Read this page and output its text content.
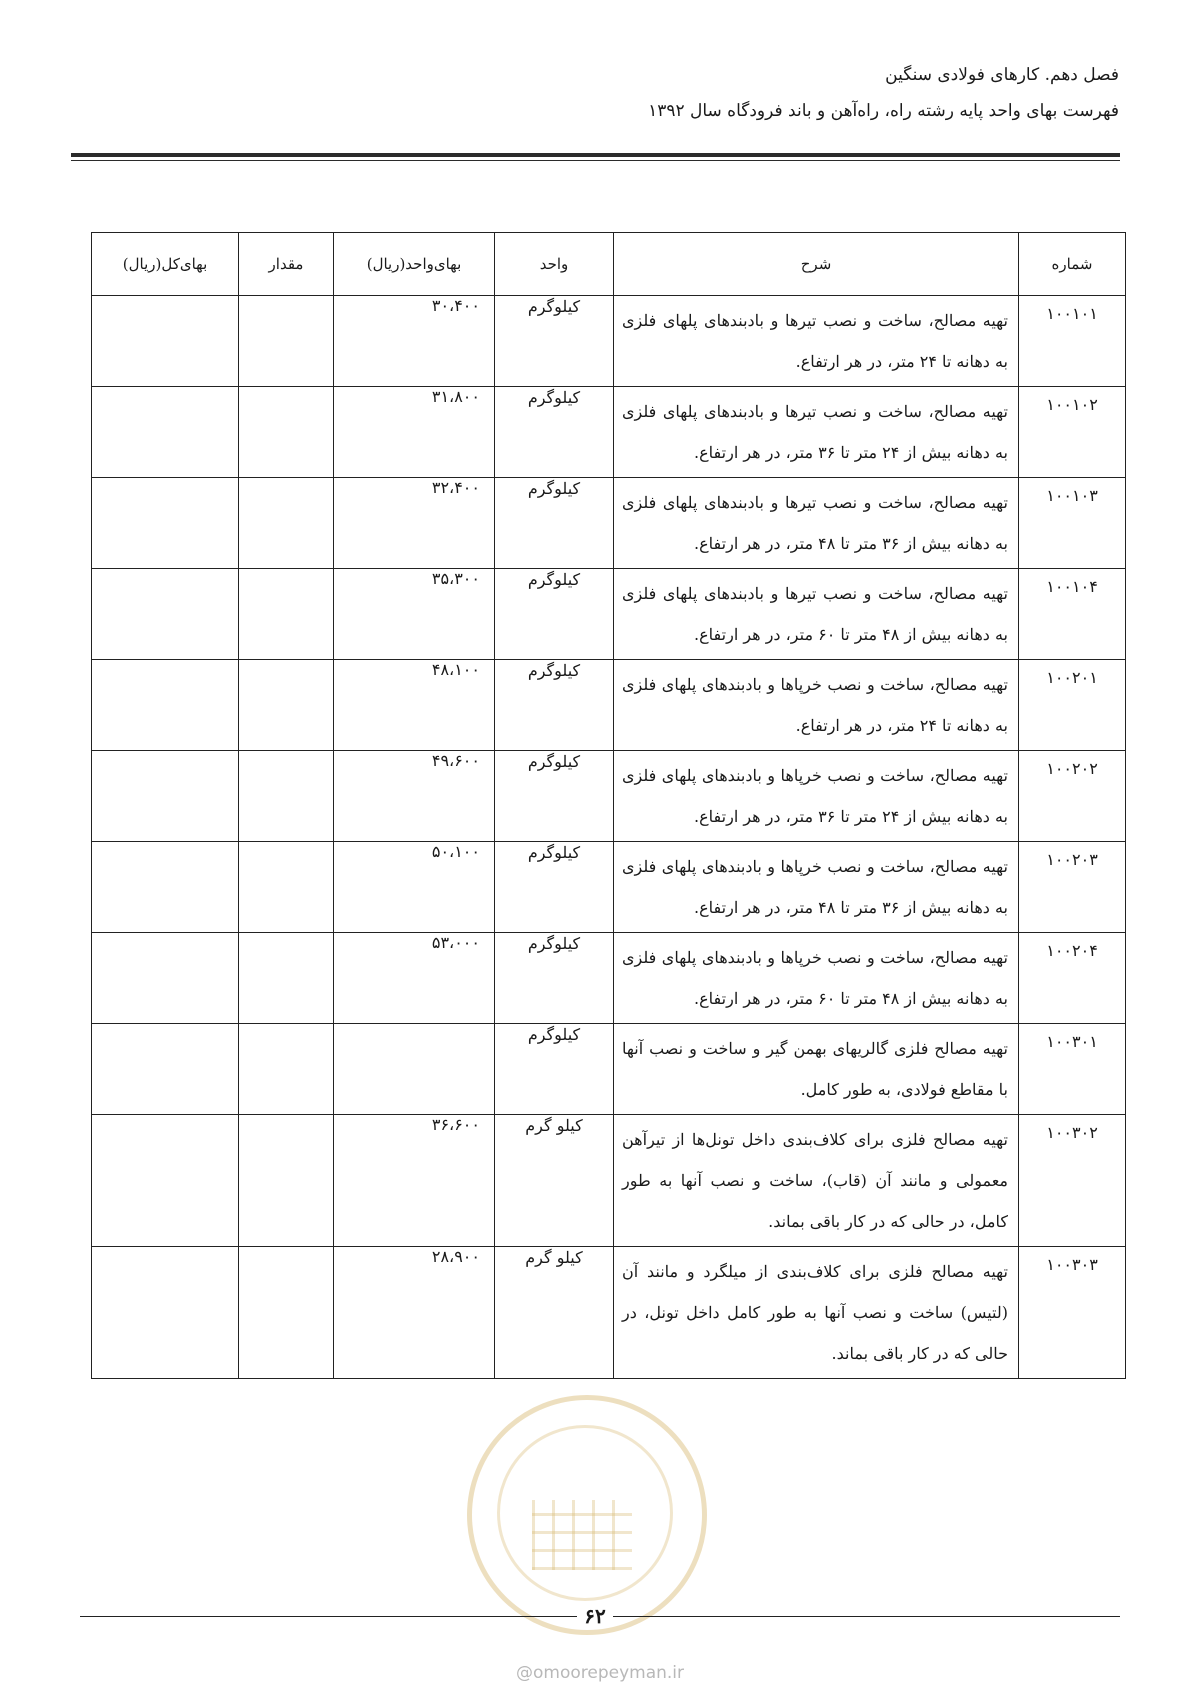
فصل دهم. کارهای فولادی سنگین
فهرست بهای واحد پایه رشته راه، راه‌آهن و باند فرودگاه سال ۱۳۹۲
شماره	شرح	واحد	بهای‌واحد(ریال)	مقدار	بهای‌کل(ریال)
۱۰۰۱۰۱	تهیه مصالح، ساخت و نصب تیرها و بادبندهای پلهای فلزی به دهانه تا ۲۴ متر، در هر ارتفاع.	کیلوگرم	۳۰،۴۰۰		
۱۰۰۱۰۲	تهیه مصالح، ساخت و نصب تیرها و بادبندهای پلهای فلزی به دهانه بیش از ۲۴ متر تا ۳۶ متر، در هر ارتفاع.	کیلوگرم	۳۱،۸۰۰		
۱۰۰۱۰۳	تهیه مصالح، ساخت و نصب تیرها و بادبندهای پلهای فلزی به دهانه بیش از ۳۶ متر تا ۴۸ متر، در هر ارتفاع.	کیلوگرم	۳۲،۴۰۰		
۱۰۰۱۰۴	تهیه مصالح، ساخت و نصب تیرها و بادبندهای پلهای فلزی به دهانه بیش از ۴۸ متر تا ۶۰ متر، در هر ارتفاع.	کیلوگرم	۳۵،۳۰۰		
۱۰۰۲۰۱	تهیه مصالح، ساخت و نصب خرپاها و بادبندهای پلهای فلزی به دهانه تا ۲۴ متر، در هر ارتفاع.	کیلوگرم	۴۸،۱۰۰		
۱۰۰۲۰۲	تهیه مصالح، ساخت و نصب خرپاها و بادبندهای پلهای فلزی به دهانه بیش از ۲۴ متر تا ۳۶ متر، در هر ارتفاع.	کیلوگرم	۴۹،۶۰۰		
۱۰۰۲۰۳	تهیه مصالح، ساخت و نصب خرپاها و بادبندهای پلهای فلزی به دهانه بیش از ۳۶ متر تا ۴۸ متر، در هر ارتفاع.	کیلوگرم	۵۰،۱۰۰		
۱۰۰۲۰۴	تهیه مصالح، ساخت و نصب خرپاها و بادبندهای پلهای فلزی به دهانه بیش از ۴۸ متر تا ۶۰ متر، در هر ارتفاع.	کیلوگرم	۵۳،۰۰۰		
۱۰۰۳۰۱	تهیه مصالح فلزی گالریهای بهمن گیر و ساخت و نصب آنها با مقاطع فولادی، به طور کامل.	کیلوگرم			
۱۰۰۳۰۲	تهیه مصالح فلزی برای کلاف‌بندی داخل تونل‌ها از تیرآهن معمولی و مانند آن (قاب)، ساخت و نصب آنها به طور کامل، در حالی که در کار باقی بماند.	کیلو گرم	۳۶،۶۰۰		
۱۰۰۳۰۳	تهیه مصالح فلزی برای کلاف‌بندی از میلگرد و مانند آن (لتیس) ساخت و نصب آنها به طور کامل داخل تونل، در حالی که در کار باقی بماند.	کیلو گرم	۲۸،۹۰۰		
۶۲
@omoorepeyman.ir
